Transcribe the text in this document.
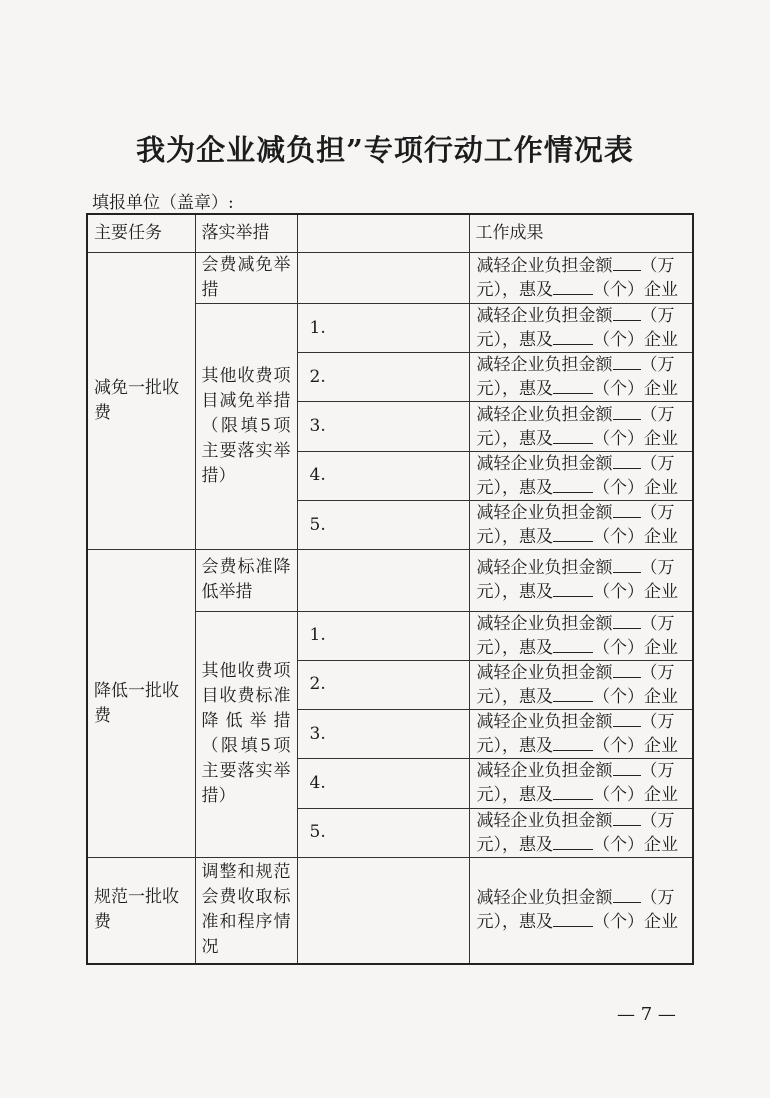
我为企业减负担”专项行动工作情况表
填报单位（盖章）:
主要任务	落实举措		工作成果
减免一批收费	会费减免举措		减轻企业负担金额 （万
元），惠及 （个）企业
	其他收费项目减免举措（限填5项主要落实举措）	1.	减轻企业负担金额 （万
元），惠及 （个）企业
		2.	减轻企业负担金额 （万
元），惠及 （个）企业
		3.	减轻企业负担金额 （万
元），惠及 （个）企业
		4.	减轻企业负担金额 （万
元），惠及 （个）企业
		5.	减轻企业负担金额 （万
元），惠及 （个）企业
降低一批收费	会费标准降低举措		减轻企业负担金额 （万
元），惠及 （个）企业
	其他收费项目收费标准降低举措（限填5项主要落实举措）	1.	减轻企业负担金额 （万
元），惠及 （个）企业
		2.	减轻企业负担金额 （万
元），惠及 （个）企业
		3.	减轻企业负担金额 （万
元），惠及 （个）企业
		4.	减轻企业负担金额 （万
元），惠及 （个）企业
		5.	减轻企业负担金额 （万
元），惠及 （个）企业
规范一批收费	调整和规范会费收取标准和程序情况		减轻企业负担金额 （万
元），惠及 （个）企业
— 7 —
